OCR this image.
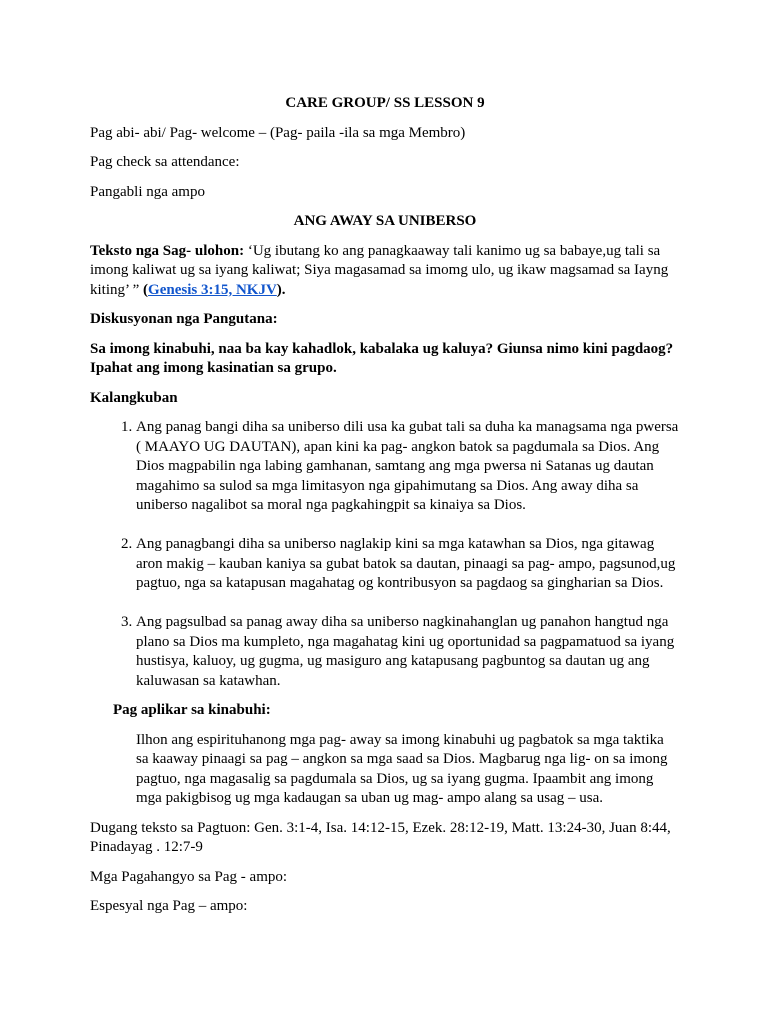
CARE GROUP/ SS LESSON 9

Pag abi- abi/ Pag- welcome – (Pag- paila -ila sa mga Membro)

Pag check sa attendance:

Pangabli nga ampo

ANG AWAY SA UNIBERSO

Teksto nga Sag- ulohon: ‘Ug ibutang ko ang panagkaaway tali kanimo ug sa babaye,ug tali sa imong kaliwat ug sa iyang kaliwat; Siya magasamad sa imomg ulo, ug ikaw magsamad sa Iayng kiting’ ” (Genesis 3:15, NKJV).

Diskusyonan nga Pangutana:

Sa imong kinabuhi, naa ba kay kahadlok, kabalaka ug kaluya? Giunsa nimo kini pagdaog? Ipahat ang imong kasinatian sa grupo.

Kalangkuban

1. Ang panag bangi diha sa uniberso dili usa ka gubat tali sa duha ka managsama nga pwersa ( MAAYO UG DAUTAN), apan kini ka pag- angkon batok sa pagdumala sa Dios. Ang Dios magpabilin nga labing gamhanan, samtang ang mga pwersa ni Satanas ug dautan magahimo sa sulod sa mga limitasyon nga gipahimutang sa Dios. Ang away diha sa uniberso nagalibot sa moral nga pagkahingpit sa kinaiya sa Dios.
2. Ang panagbangi diha sa uniberso naglakip kini sa mga katawhan sa Dios, nga gitawag aron makig – kauban kaniya sa gubat batok sa dautan, pinaagi sa pag- ampo, pagsunod,ug pagtuo, nga sa katapusan magahatag og kontribusyon sa pagdaog sa gingharian sa Dios.
3. Ang pagsulbad sa panag away diha sa uniberso nagkinahanglan ug panahon hangtud nga plano sa Dios ma kumpleto, nga magahatag kini ug oportunidad sa pagpamatuod sa iyang hustisya, kaluoy, ug gugma, ug masiguro ang katapusang pagbuntog sa dautan ug ang kaluwasan sa katawhan.

Pag aplikar sa kinabuhi:

Ilhon ang espirituhanong mga pag- away sa imong kinabuhi ug pagbatok sa mga taktika sa kaaway pinaagi sa pag – angkon sa mga saad sa Dios. Magbarug nga lig- on sa imong pagtuo, nga magasalig sa pagdumala sa Dios, ug sa iyang gugma. Ipaambit ang imong mga pakigbisog ug mga kadaugan sa uban ug mag- ampo alang sa usag – usa.

Dugang teksto sa Pagtuon: Gen. 3:1-4, Isa. 14:12-15, Ezek. 28:12-19, Matt. 13:24-30, Juan 8:44, Pinadayag . 12:7-9

Mga Pagahangyo sa Pag - ampo:

Espesyal nga Pag – ampo:
